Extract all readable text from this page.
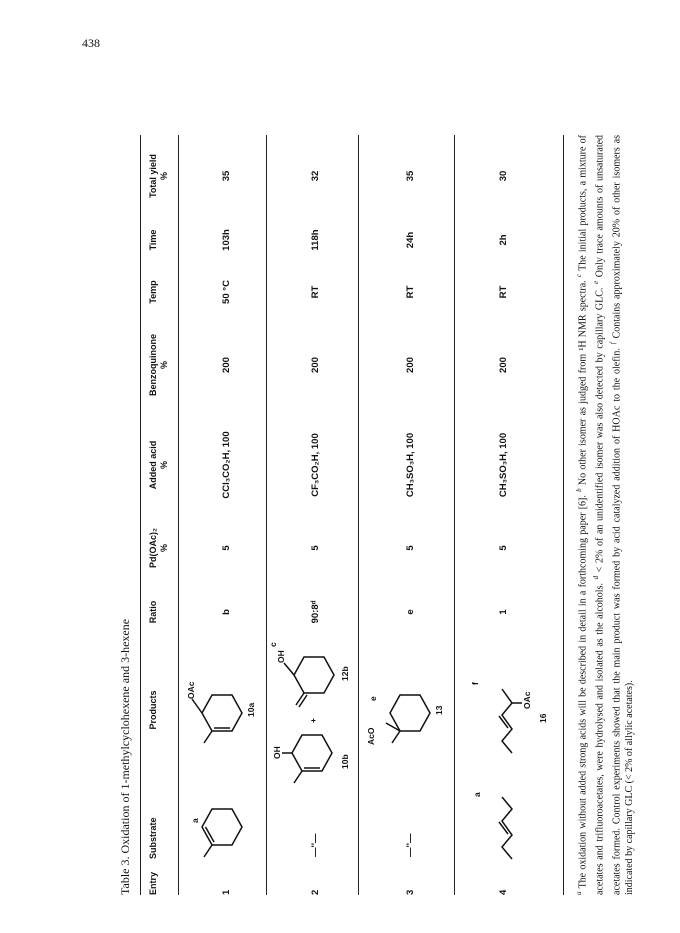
438
Table 3. Oxidation of 1-methylcyclohexene and 3-hexene Entry
Substrate
Products
Ratio
Pd(OAc)₂ %
Added acid %
Benzoquinone %
Temp
Time
Total yield %
1
a
OAc
10a
b
5
CCl₃CO₂H, 100
200
50 °C
103h
35
2
—''—
OH
+
OH
c
10b
12b
90:8ᵈ
5
CF₃CO₂H, 100
200
RT
118h
32
3
—''—
AcO
e
13
e
5
CH₃SO₃H, 100
200
RT
24h
35
4
a
OAc
f
16
1
5
CH₃SO₃H, 100
200
RT
2h
30
$^a$ The oxidation without added strong acids will be described in detail in a forthcoming paper [6]. $^b$ No other isomer as judged from ¹H NMR spectra. $^c$ The initial products, a mixture of acetates and trifluoroacetates, were hydrolysed and isolated as the alcohols. $^d$ < 2% of an unidentified isomer was also detected by capillary GLC. $^e$ Only trace amounts of unsaturated acetates formed. Control experiments showed that the main product was formed by acid catalyzed addition of HOAc to the olefin. $^f$ Contains approximately 20% of other isomers as indicated by capillary GLC (< 2% of allylic acetates).
